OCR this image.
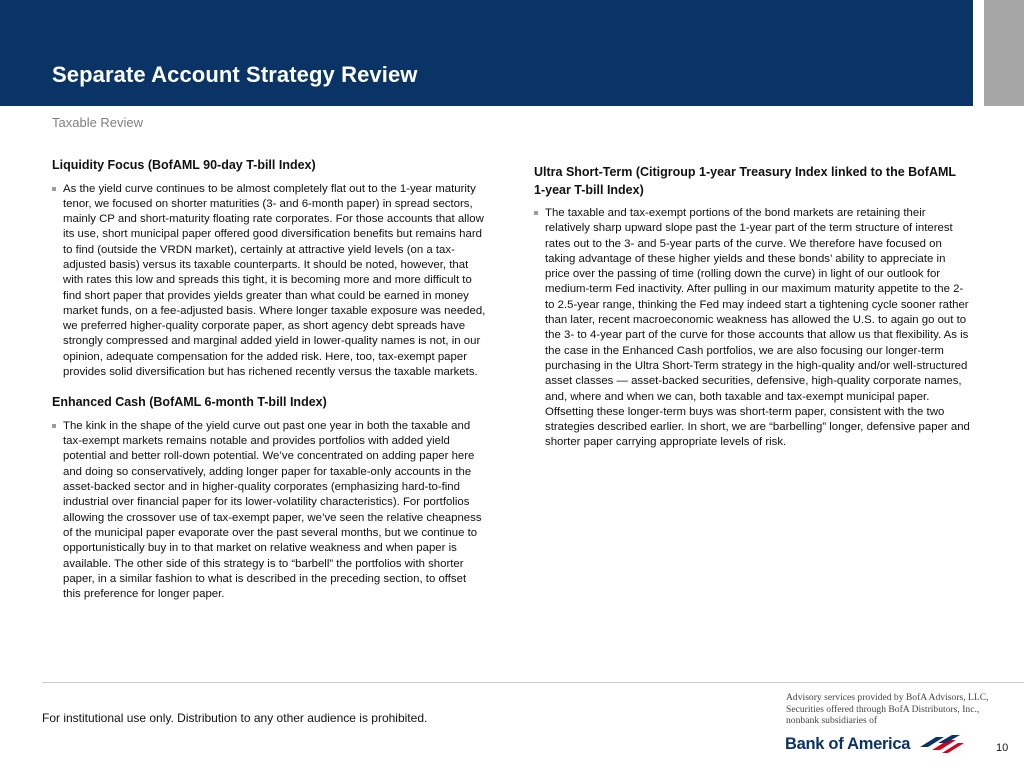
Separate Account Strategy Review
Taxable Review

Liquidity Focus (BofAML 90-day T-bill Index)

As the yield curve continues to be almost completely flat out to the 1-year maturity tenor, we focused on shorter maturities (3- and 6-month paper) in spread sectors, mainly CP and short-maturity floating rate corporates. For those accounts that allow its use, short municipal paper offered good diversification benefits but remains hard to find (outside the VRDN market), certainly at attractive yield levels (on a tax-adjusted basis) versus its taxable counterparts. It should be noted, however, that with rates this low and spreads this tight, it is becoming more and more difficult to find short paper that provides yields greater than what could be earned in money market funds, on a fee-adjusted basis. Where longer taxable exposure was needed, we preferred higher-quality corporate paper, as short agency debt spreads have strongly compressed and marginal added yield in lower-quality names is not, in our opinion, adequate compensation for the added risk. Here, too, tax-exempt paper provides solid diversification but has richened recently versus the taxable markets.

Enhanced Cash (BofAML 6-month T-bill Index)

The kink in the shape of the yield curve out past one year in both the taxable and tax-exempt markets remains notable and provides portfolios with added yield potential and better roll-down potential. We’ve concentrated on adding paper here and doing so conservatively, adding longer paper for taxable-only accounts in the asset-backed sector and in higher-quality corporates (emphasizing hard-to-find industrial over financial paper for its lower-volatility characteristics). For portfolios allowing the crossover use of tax-exempt paper, we’ve seen the relative cheapness of the municipal paper evaporate over the past several months, but we continue to opportunistically buy in to that market on relative weakness and when paper is available. The other side of this strategy is to “barbell” the portfolios with shorter paper, in a similar fashion to what is described in the preceding section, to offset this preference for longer paper.

Ultra Short-Term (Citigroup 1-year Treasury Index linked to the BofAML 1-year T-bill Index)

The taxable and tax-exempt portions of the bond markets are retaining their relatively sharp upward slope past the 1-year part of the term structure of interest rates out to the 3- and 5-year parts of the curve. We therefore have focused on taking advantage of these higher yields and these bonds’ ability to appreciate in price over the passing of time (rolling down the curve) in light of our outlook for medium-term Fed inactivity. After pulling in our maximum maturity appetite to the 2- to 2.5-year range, thinking the Fed may indeed start a tightening cycle sooner rather than later, recent macroeconomic weakness has allowed the U.S. to again go out to the 3- to 4-year part of the curve for those accounts that allow us that flexibility. As is the case in the Enhanced Cash portfolios, we are also focusing our longer-term purchasing in the Ultra Short-Term strategy in the high-quality and/or well-structured asset classes — asset-backed securities, defensive, high-quality corporate names, and, where and when we can, both taxable and tax-exempt municipal paper. Offsetting these longer-term buys was short-term paper, consistent with the two strategies described earlier. In short, we are “barbelling” longer, defensive paper and shorter paper carrying appropriate levels of risk.
For institutional use only. Distribution to any other audience is prohibited.
Advisory services provided by BofA Advisors, LLC,
Securities offered through BofA Distributors, Inc.,
nonbank subsidiaries of
Bank of America	10
